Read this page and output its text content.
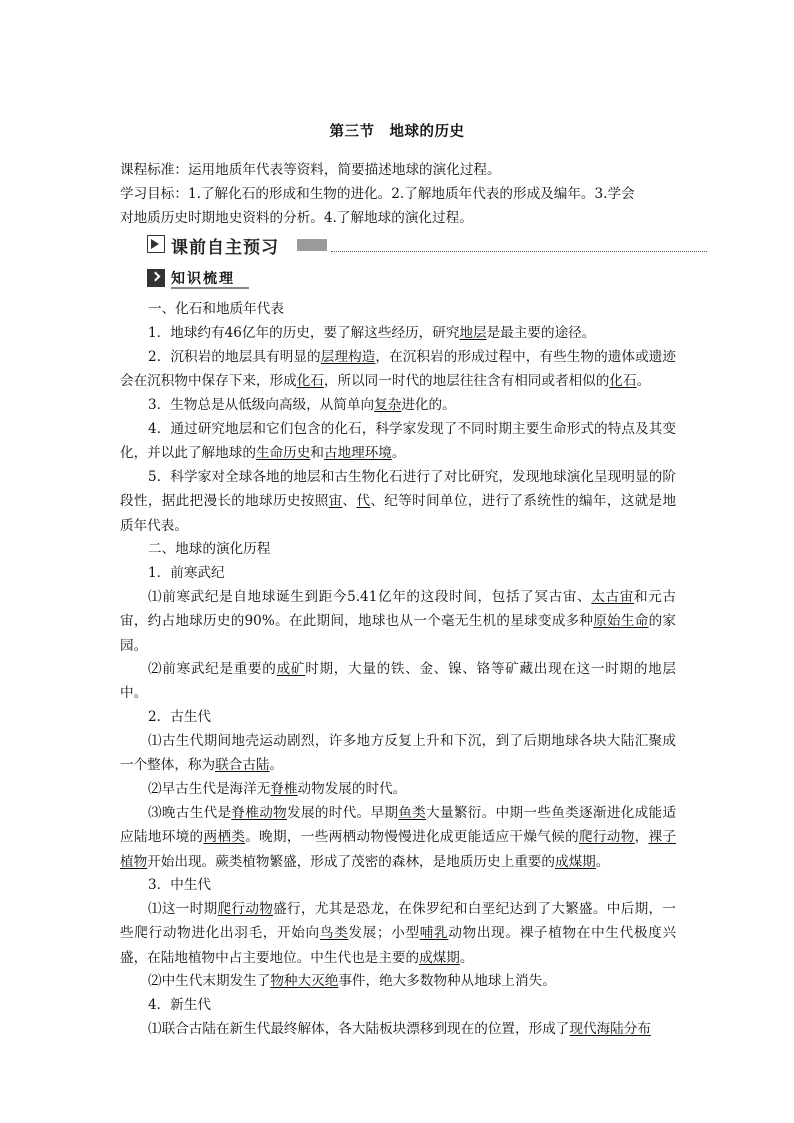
第三节　地球的历史
课程标准：运用地质年代表等资料，简要描述地球的演化过程。
学习目标：1.了解化石的形成和生物的进化。2.了解地质年代表的形成及编年。3.学会
对地质历史时期地史资料的分析。4.了解地球的演化过程。
课前自主预习
知识梳理
一、化石和地质年代表
1．地球约有46亿年的历史，要了解这些经历，研究地层是最主要的途径。
2．沉积岩的地层具有明显的层理构造，在沉积岩的形成过程中，有些生物的遗体或遗迹会在沉积物中保存下来，形成化石，所以同一时代的地层往往含有相同或者相似的化石。
3．生物总是从低级向高级，从简单向复杂进化的。
4．通过研究地层和它们包含的化石，科学家发现了不同时期主要生命形式的特点及其变化，并以此了解地球的生命历史和古地理环境。
5．科学家对全球各地的地层和古生物化石进行了对比研究，发现地球演化呈现明显的阶段性，据此把漫长的地球历史按照宙、代、纪等时间单位，进行了系统性的编年，这就是地质年代表。
二、地球的演化历程
1．前寒武纪
⑴前寒武纪是自地球诞生到距今5.41亿年的这段时间，包括了冥古宙、太古宙和元古宙，约占地球历史的90%。在此期间，地球也从一个毫无生机的星球变成多种原始生命的家园。
⑵前寒武纪是重要的成矿时期，大量的铁、金、镍、铬等矿藏出现在这一时期的地层中。
2．古生代
⑴古生代期间地壳运动剧烈，许多地方反复上升和下沉，到了后期地球各块大陆汇聚成一个整体，称为联合古陆。
⑵早古生代是海洋无脊椎动物发展的时代。
⑶晚古生代是脊椎动物发展的时代。早期鱼类大量繁衍。中期一些鱼类逐渐进化成能适应陆地环境的两栖类。晚期，一些两栖动物慢慢进化成更能适应干燥气候的爬行动物，裸子植物开始出现。蕨类植物繁盛，形成了茂密的森林，是地质历史上重要的成煤期。
3．中生代
⑴这一时期爬行动物盛行，尤其是恐龙，在侏罗纪和白垩纪达到了大繁盛。中后期，一些爬行动物进化出羽毛，开始向鸟类发展；小型哺乳动物出现。裸子植物在中生代极度兴盛，在陆地植物中占主要地位。中生代也是主要的成煤期。
⑵中生代末期发生了物种大灭绝事件，绝大多数物种从地球上消失。
4．新生代
⑴联合古陆在新生代最终解体，各大陆板块漂移到现在的位置，形成了现代海陆分布
